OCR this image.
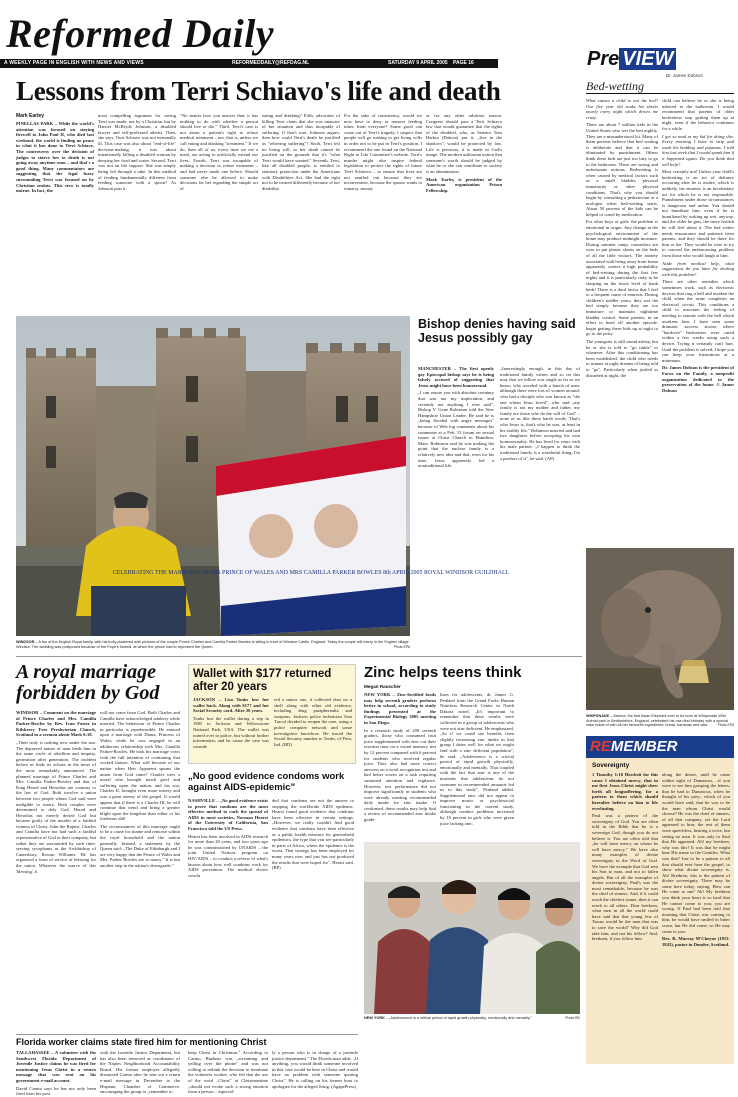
Reformed Daily
A WEEKLY PAGE IN ENGLISH WITH NEWS AND VIEWS	REFORMEDDAILY@REFDAG.NL	SATURDAY 9 APRIL 2005 PAGE 16	Pre VIEW
Dr. James Dobson
Bed-wetting
Lessons from Terri Schiavo's life and death
Mark Earley

PINELLAS PARK – While the world's attention was focused on staying firewell to John Paul II, who died last weekend, the world is finding no peace in what it has done to Terri Schiavo. The controversy over the decision of judges to starve her to death is not going away anytime soon – and that's a good thing. Many commentators are suggesting that the legal fuzzy surrounding Terri was focused on by Christian zealots. This view is totally untrue. In fact, the

most compelling argument for saving Terri was made, not by a Christian, but by Harriet McBryde Johnson, a disabled lawyer and self-professed atheist. Then, she says, Terri Schiavo was not terminally ill. This case was also about "end-of-life" decision-making; it was about intentionally killing a disabled woman by denying her food and water. Second, Terri was not on life support. She was simply being fed through a tube. In this method of feeding fundamentally different from feeding someone with a spoon? As Johnson puts it:

"No matter how you answer that, it has nothing to do with whether a person should live or die." Third, Terri's case is not about a patient's right to refuse medical treatment – nor, that is, unless we call eating and drinking "treatment." If we do, then all of us, every time we eat a meal, are acting to artificially extend our lives. Fourth, Terri was incapable of making a decision to refuse treatment – and had never made one before. Should someone else be allowed to make decisions for her regarding the simple act of

eating and drinking? Fifth, advocates of killing Terri claim that she was unaware of her situation and thus incapable of suffering. If that's true, Johnson argues, then how could Terri's death be justified as "relieving suffering"? Sixth, Terri left no living will, so her death cannot be justified on the grounds that it's "what Terri would have wanted." Seventh, Terri, like all disabled people, is entitled to statutory protection under the Americans with Disabilities Act. She had the right not to be treated differently because of her disability.

For the sake of consistency, would we now have to deny or remove feeding tubes from everyone? Some good can come out of Terri's tragedy. I suspect that people will go rushing to get living wills in order not to be put in Terri's position. I recommend the one found on the National Right to Life Committee's website. Terri's murder might also inspire federal legislation to protect the rights of future Terri Schiavos – to ensure that lives are not snuffed out because they are inconvenient, because the spouse wants to remarry, money

or for any other arbitrary reason. Congress should pass a Terri Schiavo law that would guarantee that the rights of the disabled, who, as Senator Tom Harkin (Dakota) put it, „live in the shadows", would be protected by law. Life is precious; it is made in God's image. The modern utilitarian notion that someone's worth should be judged by what he or she can contribute to society is an abomination.

Mark Earley is president of the American organization Prison Fellowship.

What causes a child to wet the bed? Our five year old soaks his sheets nearly every night which drives me crazy.

There are about 7 million kids in the United States who wet the bed nightly. They are a misunderstood lot. Many of them persists believe that bed wetting is deliberate and that it can be eliminated by punishment. Others think these kids are just too lazy to go to the bathroom. These are wrong and unfortunate notions. Bedwetting is often caused by medical factors such as a small bladder, physical immaturity or other physical conditions. That's why you should begin by consulting a pediatrician or a urologist when bed-wetting starts. About 50 percent of the kids can be helped or cured by medication.

For other boys or girls, the problem is emotional in origin. Any change in the psychological environment of the home may produce midnight moisture. During summer camp, counselors are wise to put plastic sheets on the beds of all the little visitors. The anxiety associated with being away from home apparently creates a high probability of bed-wetting during the first few nights and it is particularly risky to be sleeping on the lower level of bunk beds! There is a third factor that I feel to a frequent cause of enuresis. During children's toddler years, they wet the bed simply because they are too immature to maintain nighttime bladder control. Some parents, in an effort to head off another episode, begin getting these kids up at night to go to the potty.

The youngster is still sound asleep, but he or she is told to "go tinkle" or whatever. After this conditioning has been established, the child who needs to urinate at night dreams of being told to "go". Particularly when jostled or disturbed at night, the

child can believe he or she is being ushered to the bathroom. I would recommend that parents of older bedwetters stop getting them up at night, even if the behavior continues for a while.

I get so mad at my kid for doing this. Every morning I have to strip and wash his bedding and pajamas. I told him last week that I would spank him if it happened again. Do you think that will help?

Most certainly not! Unless your child's bedwetting is an act of defiance occurring after he is awake, which is unlikely, his enuresis is an involuntary act for which he is not responsible. Punishment under those circumstances is dangerous and unfair. You should not humiliate him, even if he is humiliated by waking up wet, anyway, and the older he gets, the more foolish he will feel about it. The bed wetter needs reassurance and patience from parents, and they should be there for him or her. They would be wise to try to conceal the embarrassing problem from those who would laugh at him.

Aside from medical help, what suggestions do you have for dealing with this problem?

There are other remedies which sometimes work, such as electronic devices that ring a bell and awaken the child when the urine completes an electrical circuit. This conditions a child to associate the feeling of needing to urinate with the bell which awakens him. I have seen some dramatic success stories where "hardcore" bedwetters were cured within a few weeks using such a device. Trying it certainly can't hurt. Until the problem is solved, I hope you can keep your frustrations at a minimum.

Dr. James Dobson is the president of Focus on the Family, a nonprofit organization dedicated to the preservation of the home. © James Dobson

CELEBRATING THE MARRIAGE OF HIS PRINCE OF WALES AND MRS CAMILLA PARKER BOWLES 8th APRIL 2005 ROYAL WINDSOR GUILDHALL
WINDSOR – A fan of the English Royal family, with his trolly plastered with pictures of the couple Prince Charles and Camilla Parker Bowles is sitting in front of Windsor Castle, England. Today the couple will marry in the English village Windsor. The wedding was postponed because of the Pope's funeral, at which the prince had to represent the Queen.	Photo EPA
Bishop denies having said Jesus possibly gay

MANCHESTER – The first openly gay Episcopal bishop says he is being falsely accused of suggesting that Jesus might have been homosexual.

„I can assure you with absolute certainty that was not my implication, and certainly not anything I ever said", Bishop V. Gene Robinson told the New Hampshire Union Leader. He said he is „being flooded with angry messages" because of Web log comments about his comments at a Feb. 13 forum on sexual issues at Christ Church in Hamilton, Mass. Robinson said he was making the point that the nuclear family is a relatively new idea and that, even for his time, Jesus apparently led a nontraditional life.

„Interestingly enough, in this day of traditional family values and so on this may that we follow was single as far as we know; who traveled with a bunch of men, although there were lots of women around; who had a disciple who was known as "the one whom Jesus loved", who said „my family is not my mother and father, my family are those who do the will of God" – none of us like these harsh words. That's who Jesus is, that's who he was, at least in his earthly life." Robinson married and had two daughters before accepting his own homosexuality. He has lived for years with his male partner. „I happen to think the traditional family is a wonderful thing; I'm a product of it", he said. (AP)

WHIPSNADE – Areena, the first Asian Elephant ever to be born at Whipsnade Wild Animal park in Bedfordshire, England, celebrated his own first birthday with a special cake made of with all her favourite ingredients: bread, bananas and oats.	Photo EPA
A royal marriage forbidden by God

WINDSOR – Comment on the marriage of Prince Charles and Mrs. Camilla Parker-Bowles by Rev. Ivan Foster in Kilskeery Free Presbyterian Church, Scotland in a sermon about Mark 6:18.

„Their truly is nothing new under the sun. The depraved nature of man leads him in the same circle of rebellion and iniquity, generation after generation. The incident before us finds its echoes in the news of the most remarkably announced. The planned marriage of Prince Charles and Mrs. Camilla Parker-Bowles and that of King Herod and Herodias are contrary to the law of God. Both involve a union between two people whom God said were ineligible to marry. Both couples were determined to defy God. Herod and Herodias not merely defied God but became guilty of the murder of a faithful witness of Christ, John the Baptist. Charles and Camilla have not had such a faithful representative of God in their company, but rather they are surrounded by such time-serving sycophants as the Archbishop of Canterbury, Rowan Williams. He has organised a form of service of blessing for the union. Whatever the source of this 'blessing', it

will not come from God. Both Charles and Camilla have acknowledged adultery while married. The behaviour of Prince Charles in particular is reprehensible. He entered upon a marriage with Diana, Princess of Wales, while he was engaged in an adulterous relationship with Mrs. Camilla Parker-Bowles. He took his marriage vows with the full intention of continuing that wicked liaison. What will become of our nation when Heir Apparent spurns the union from God came? Charles tries a moral who brought much grief and suffering upon the nation, and his son, Charles II, brought even more misery and was a great enemy of the gospel. It would appear that if there is a Charles III, he will continue that trend and bring a greater blight upon the kingdom than either of his forebears did!

The circumstances of this marriage ought to be a cause for shame and remorse within the royal household and the nation generally. Instead, a statement by the Queen said: „The Duke of Edinburgh and I are very happy that the Prince of Wales and Mrs. Parker Bowles are to marry." It is but another step in the nation's downgrade."

Wallet with $177 returned after 20 years

JACKSON – Lisa Tonks lost her wallet back. Along with $177 and her Social Security card. After 20 years.

Tonks lost the wallet during a trip in 1985 to Jackson and Yellowstone National Park, USA. The wallet was turned over to police, but without further information, and he cause the case was conside

red a minor one, it collected dust on a shelf along with other old evidence, including drug paraphernalia and weapons. Jackson police technician Tom Turcol decided to reopen the case, using a police computer network and some investigative knowhow. He traced the Social Security number to Tonks, of Peru, Ind. (RD)

„No good evidence condoms work against AIDS-epidemic"

NASHVILLE – „No good evidence exists to prove that condoms are the most effective method to curb the spread of AIDS in most societies, Norman Hearst of the University of California, San Francisco told the US Press.

Hearst has been involved in AIDS research for more than 20 years, and two years ago he was commissioned by UNAIDS – the joint United Nations program on HIV/AIDS – to conduct a review of what's known about how well condoms work for AIDS prevention. The medical doctor conclu

ded that condoms are not the answer to stopping the worldwide AIDS epidemic. Hearst found good evidence that condoms have been effective in certain settings. „However, we really couldn't find good evidence that condoms have been effective as a public health measure for generalized epidemics, the type that you see particularly in parts of Africa, where the epidemic is the worst. That strategy has been employed for many years now and just has not produced the results that were hoped for", Hearst said. (BP)

Zinc helps teens think
Megan Rauscher

NEW YORK – Zinc-fortified foods may help seventh graders perform better in school, according to study findings presented at the Experimental Biology 2005 meeting in San Diego.

In a research study of 209 seventh graders, those who consumed fruit juice supplemented with zinc cut their reaction time on a visual memory test by 12 percent compared with 6 percent for students who received regular juice. They also had more correct answers on a word recognition test and had better scores on a task requiring sustained attention and vigilance. However, test performance did not improve significantly in students who were already meeting recommended daily intake for zinc intake. If confirmed, these results may help find a review of recommended zinc intake guide-

lines for adolescents, dr. James G. Penland from the Grand Forks Human Nutrition Research Center in North Dakota noted. „It's important to remember that these results were collected in a group of adolescents who were not zinc deficient. He emphasized. „So if we could see benefits from slightly increasing zinc intake in that group I dates well for what we might find with a zinc deficient population", he said. „Adolescence is a critical period of rapid growth physically, emotionally and mentally. That coupled with the fact that zinc is one of the nutrients that adolescents do not consume in recommended amounts led us to this study", Penland added. Supplemental zinc did not appear to improve motor or psychosocial functioning in the current study, although conduct problems increased by 10 percent in girls who were given juice lacking zinc.

NEW YORK – „Adolescence is a critical period of rapid growth physically, emotionally and mentally."	Photo RD
REMEMBER
Sovereignty

1 Timothy 1:16 Howbeit for this cause I obtained mercy, that in me first Jesus Christ might shew forth all longsuffering, for a pattern to them which should hereafter believe on him to life everlasting.

Paul was a pattern of the sovereignty of God. You are often told in the Bible that he is a sovereign God, though you do not believe it. You are often told that „he will have mercy on whom he will have mercy." We have also many examples of divine sovereignty in the Word of God. We have the example that God sent his Son to man, and not to fallen angels. But of all the examples of divine sovereignty, Paul's was the most remarkable, because he was the chief of sinners. And, if it could reach the chiefest sinner, then it can reach to all others. Dear brethren, what men in all the world could have said that that young Jew of Tarsus would be the man that was to save the world? Why did God take him, and not his fellow? And, brethren, if you follow him

along the desert, until he came within sight of Damascus, –if you were to see him grasping the letters, that he had to Damascus, when he thought of his prey– which of you would have said, that he was to be the man whom Christ would choose? He was the chief of sinners, of all that company, yet the Lord appeared to him; the rest of them were speechless, hearing a voice, but seeing no man. It was only to Saul that He appeared. Ah! my brethren, why was this? It was that he might bear His name to the Gentiles. What was that? Just to be a pattern to all that should ever hear the gospel, to show what divine sovereignty is. Ah! Brethren, this is the pattern of divine sovereignty. There may be some here today, saying, How can He come to me? Ah! My brethren you think your heart is so hard that He cannot come to you; you are wrong. If Paul had been told that morning that Christ was coming to him, he would have smiled in bitter scorn, but He did come; so He may come to you.

Rev. R. Murray M'Cheyne (1813-1843), pastor in Dundee, Scotland.

Florida worker claims state fired him for mentioning Christ

TALLAHASSEE – A volunteer with the Southwest Florida Department of Juvenile Justice claims he was fired for mentioning Jesus Christ in a return message that was sent on his government e-mail account.

David Carmo says he has not only been fired from his post

with the Juvenile Justice Department, but has also been removed as coordinator of the Naples Neighborhood Accountability Board. His former employer allegedly dismissed Carmo after he sent out a return e-mail message in December to the Hispanic Chamber of Commerce, encouraging the group to „remember to

keep Christ in Christmas." According to Carmo, Buehner was „screaming and yelling over the phone" and was not willing to rethink the decision to terminate the volunteer worker, who felt that the use of the word „Christ" at Christmastime „should not evoke such a strong emotion from a person – especial-

ly a person who is in charge of a juvenile justice department." The Florida man adds: „If anything, you would think someone involved in this case would be here in Christ and would have no problem with someone quoting Christ." He is calling on his former boss to apologize for the alleged firing. (AgapePress)
